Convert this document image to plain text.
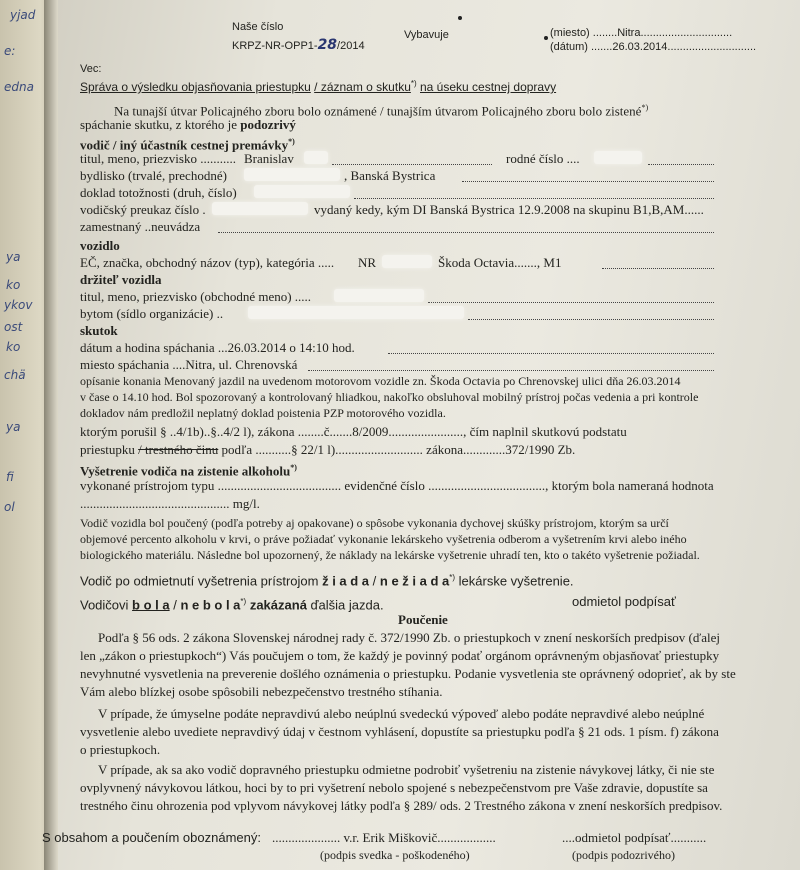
yjad
e:
edna
ya
ko
ykov
ost
ko
chä
ya
fi
ol
Naše číslo
KRPZ-NR-OPP1-28/2014
Vybavuje	(miesto) ........Nitra..............................
(dátum) .......26.03.2014.............................
Vec:
Správa o výsledku objasňovania priestupku / záznam o skutku*) na úseku cestnej dopravy
Na tunajší útvar Policajného zboru bolo oznámené / tunajším útvarom Policajného zboru bolo zistené*)
spáchanie skutku, z ktorého je podozrivý
vodič / iný účastník cestnej premávky*)
titul, meno, priezvisko ........... Branislav	rodné číslo ....
bydlisko (trvalé, prechodné)	, Banská Bystrica
doklad totožnosti (druh, číslo)
vodičský preukaz číslo .	vydaný kedy, kým DI Banská Bystrica 12.9.2008 na skupinu B1,B,AM......
zamestnaný ..neuvádza
vozidlo
EČ, značka, obchodný názov (typ), kategória ..... NR	Škoda Octavia......., M1
držiteľ vozidla
titul, meno, priezvisko (obchodné meno) .....
bytom (sídlo organizácie) ..
skutok
dátum a hodina spáchania ...26.03.2014 o 14:10 hod.
miesto spáchania ....Nitra, ul. Chrenovská
opísanie konania Menovaný jazdil na uvedenom motorovom vozidle zn. Škoda Octavia po Chrenovskej ulici dňa 26.03.2014
v čase o 14.10 hod. Bol spozorovaný a kontrolovaný hliadkou, nakoľko obsluhoval mobilný prístroj počas vedenia a pri kontrole
dokladov nám predložil neplatný doklad poistenia PZP motorového vozidla.
ktorým porušil § ..4/1b)..§..4/2 l), zákona ........č.......8/2009......................., čím naplnil skutkovú podstatu
priestupku / trestného činu podľa ...........§ 22/1 l)........................... zákona.............372/1990 Zb.
Vyšetrenie vodiča na zistenie alkoholu*)
vykonané prístrojom typu ...................................... evidenčné číslo ...................................., ktorým bola nameraná hodnota
.............................................. mg/l.
Vodič vozidla bol poučený (podľa potreby aj opakovane) o spôsobe vykonania dychovej skúšky prístrojom, ktorým sa určí
objemové percento alkoholu v krvi, o práve požiadať vykonanie lekárskeho vyšetrenia odberom a vyšetrením krvi alebo iného
biologického materiálu. Následne bol upozornený, že náklady na lekárske vyšetrenie uhradí ten, kto o takéto vyšetrenie požiadal.
Vodič po odmietnutí vyšetrenia prístrojom ž i a d a / n e ž i a d a*) lekárske vyšetrenie.
Vodičovi b o l a / n e b o l a*) zakázaná ďalšia jazda.	odmietol podpísať
Poučenie
Podľa § 56 ods. 2 zákona Slovenskej národnej rady č. 372/1990 Zb. o priestupkoch v znení neskorších predpisov (ďalej
len „zákon o priestupkoch“) Vás poučujem o tom, že každý je povinný podať orgánom oprávneným objasňovať priestupky
nevyhnutné vysvetlenia na preverenie došlého oznámenia o priestupku. Podanie vysvetlenia ste oprávnený odoprieť, ak by ste
Vám alebo blízkej osobe spôsobili nebezpečenstvo trestného stíhania.
V prípade, že úmyselne podáte nepravdivú alebo neúplnú svedeckú výpoveď alebo podáte nepravdivé alebo neúplné
vysvetlenie alebo uvediete nepravdivý údaj v čestnom vyhlásení, dopustíte sa priestupku podľa § 21 ods. 1 písm. f) zákona
o priestupkoch.
V prípade, ak sa ako vodič dopravného priestupku odmietne podrobiť vyšetreniu na zistenie návykovej látky, či nie ste
ovplyvnený návykovou látkou, hoci by to pri vyšetrení nebolo spojené s nebezpečenstvom pre Vaše zdravie, dopustíte sa
trestného činu ohrozenia pod vplyvom návykovej látky podľa § 289/ ods. 2 Trestného zákona v znení neskorších predpisov.
S obsahom a poučením oboznámený: ..................... v.r. Erik Miškovič..................
(podpis svedka - poškodeného)
....odmietol podpísať...........
(podpis podozrivého)
